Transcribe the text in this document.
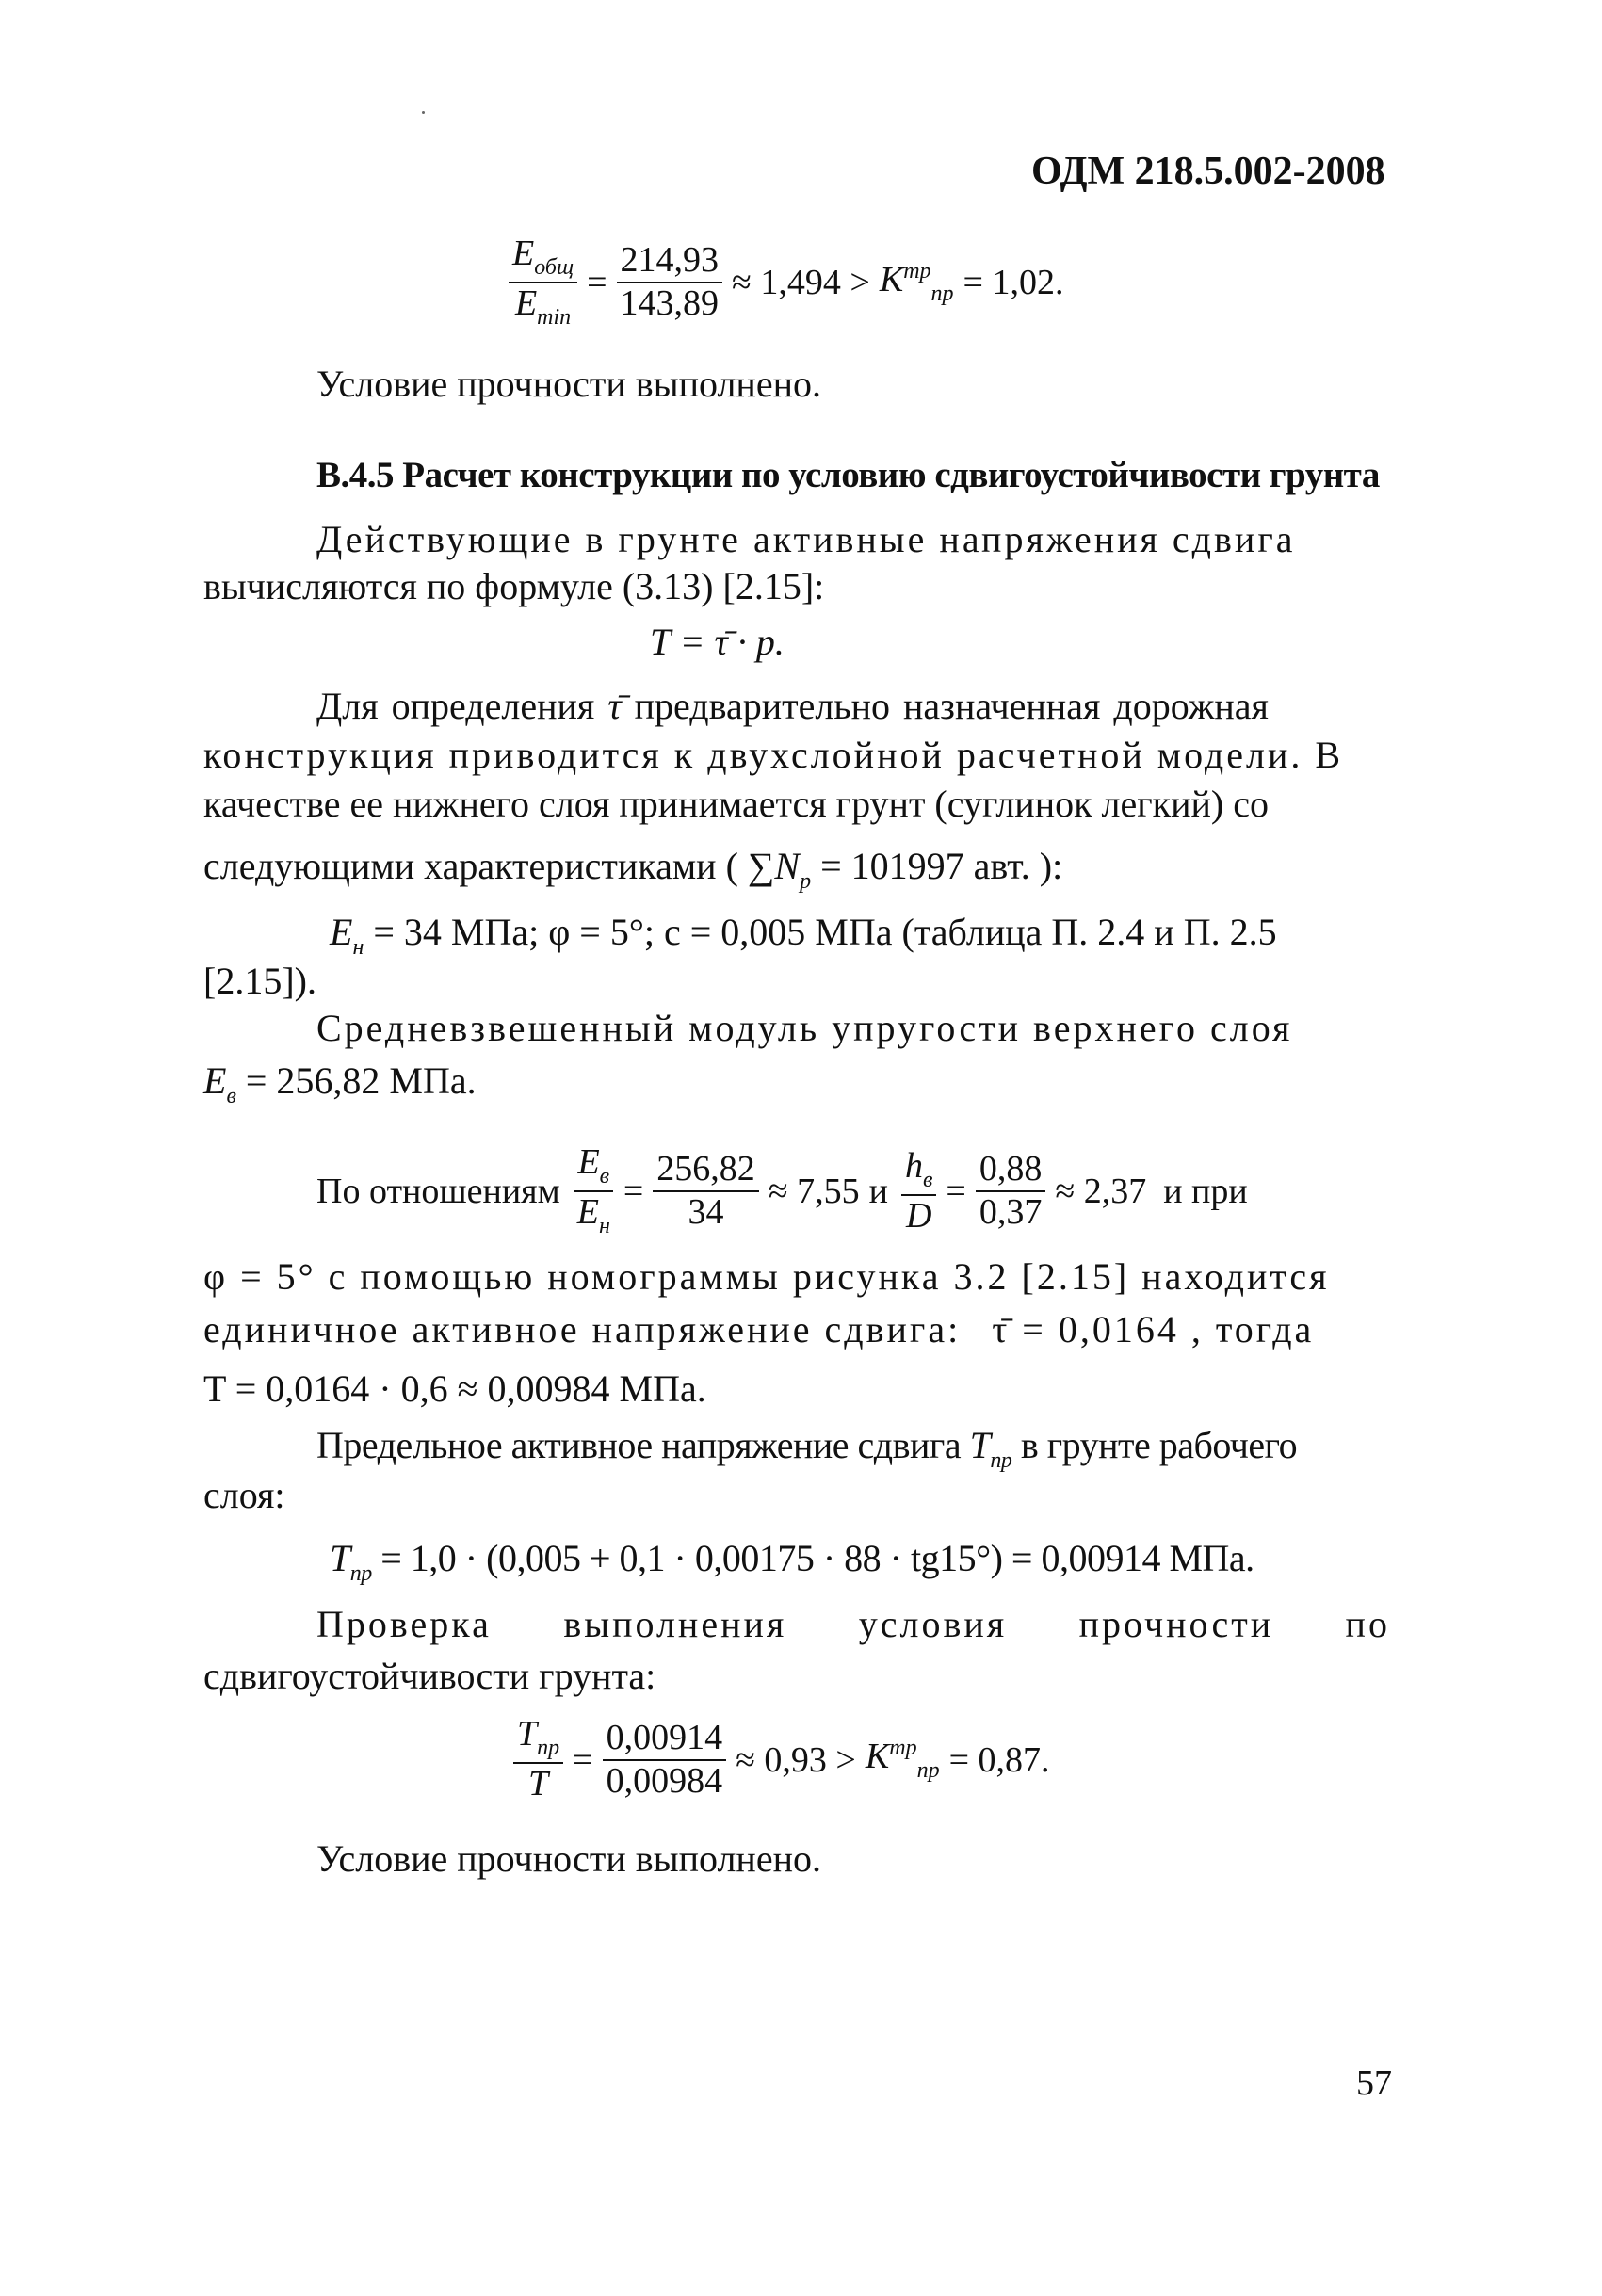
ОДМ 218.5.002-2008
$\frac{E_{общ}}{E_{min}} = \frac{214,93}{143,89} \approx 1,494 > K^{тр}_{пр} = 1,02$.
Условие прочности выполнено.
В.4.5 Расчет конструкции по условию сдвигоустойчивости грунта
Действующие в грунте активные напряжения сдвига
вычисляются по формуле (3.13) [2.15]:
T = τ̄ · p.
Для определения τ̄ предварительно назначенная дорожная
конструкция приводится к двухслойной расчетной модели. В
качестве ее нижнего слоя принимается грунт (суглинок легкий) со
следующими характеристиками ( $\sum N_p = 101997$ авт. ):
$E_н = 34$ МПа; φ = 5°; с = 0,005 МПа (таблица П. 2.4 и П. 2.5
[2.15]).
Средневзвешенный модуль упругости верхнего слоя
$E_в = 256,82$ МПа.
По отношениям $\frac{E_в}{E_н} = \frac{256,82}{34} \approx 7,55$ и $\frac{h_в}{D} = \frac{0,88}{0,37} \approx 2,37$ и при
φ = 5° с помощью номограммы рисунка 3.2 [2.15] находится
единичное активное напряжение сдвига: τ̄ = 0,0164 , тогда
T = 0,0164 · 0,6 ≈ 0,00984 МПа.
Предельное активное напряжение сдвига $T_{пр}$ в грунте рабочего
слоя:
$T_{пр} = 1,0 \cdot (0,005 + 0,1 \cdot 0,00175 \cdot 88 \cdot tg15^\circ) = 0,00914$ МПа.
Проверка выполнения условия прочности по
сдвигоустойчивости грунта:
$\frac{T_{пр}}{T} = \frac{0,00914}{0,00984} \approx 0,93 > K^{тр}_{пр} = 0,87$.
Условие прочности выполнено.
57
